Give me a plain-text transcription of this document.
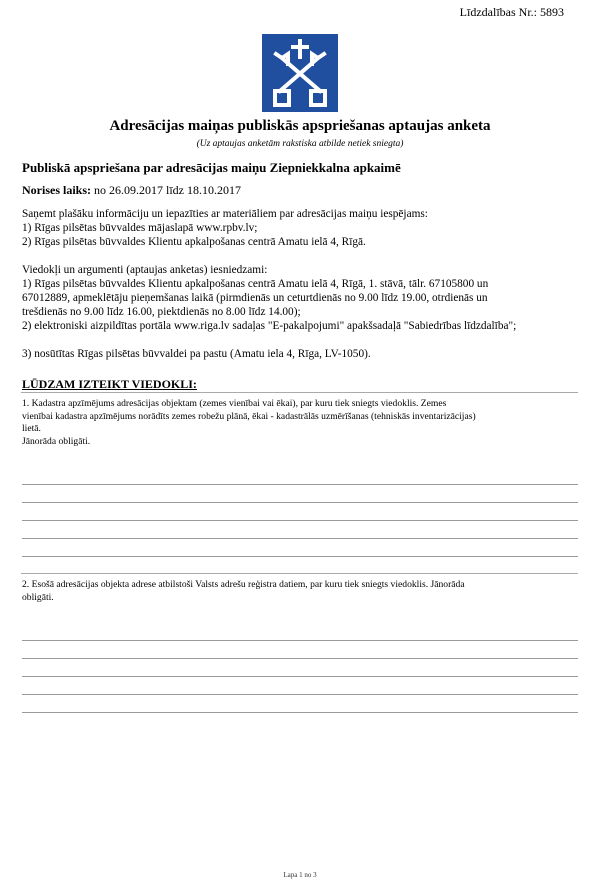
Līdzdalības Nr.: 5893
Adresācijas maiņas publiskās apspriešanas aptaujas anketa
(Uz aptaujas anketām rakstiska atbilde netiek sniegta)
Publiskā apspriešana par adresācijas maiņu Ziepniekkalna apkaimē
Norises laiks: no 26.09.2017 līdz 18.10.2017
Saņemt plašāku informāciju un iepazīties ar materiāliem par adresācijas maiņu iespējams:
1) Rīgas pilsētas būvvaldes mājaslapā www.rpbv.lv;
2) Rīgas pilsētas būvvaldes Klientu apkalpošanas centrā Amatu ielā 4, Rīgā.
Viedokļi un argumenti (aptaujas anketas) iesniedzami:
1) Rīgas pilsētas būvvaldes Klientu apkalpošanas centrā Amatu ielā 4, Rīgā, 1. stāvā, tālr. 67105800 un
67012889, apmeklētāju pieņemšanas laikā (pirmdienās un ceturtdienās no 9.00 līdz 19.00, otrdienās un
trešdienās no 9.00 līdz 16.00, piektdienās no 8.00 līdz 14.00);
2) elektroniski aizpildītas portāla www.riga.lv sadaļas "E-pakalpojumi" apakšsadaļā "Sabiedrības līdzdalība";
3) nosūtītas Rīgas pilsētas būvvaldei pa pastu (Amatu iela 4, Rīga, LV-1050).
LŪDZAM IZTEIKT VIEDOKLI:
1. Kadastra apzīmējums adresācijas objektam (zemes vienībai vai ēkai), par kuru tiek sniegts viedoklis. Zemes
vienībai kadastra apzīmējums norādīts zemes robežu plānā, ēkai - kadastrālās uzmērīšanas (tehniskās inventarizācijas)
lietā.
Jānorāda obligāti.
2. Esošā adresācijas objekta adrese atbilstoši Valsts adrešu reģistra datiem, par kuru tiek sniegts viedoklis. Jānorāda
obligāti.
Lapa 1 no 3
